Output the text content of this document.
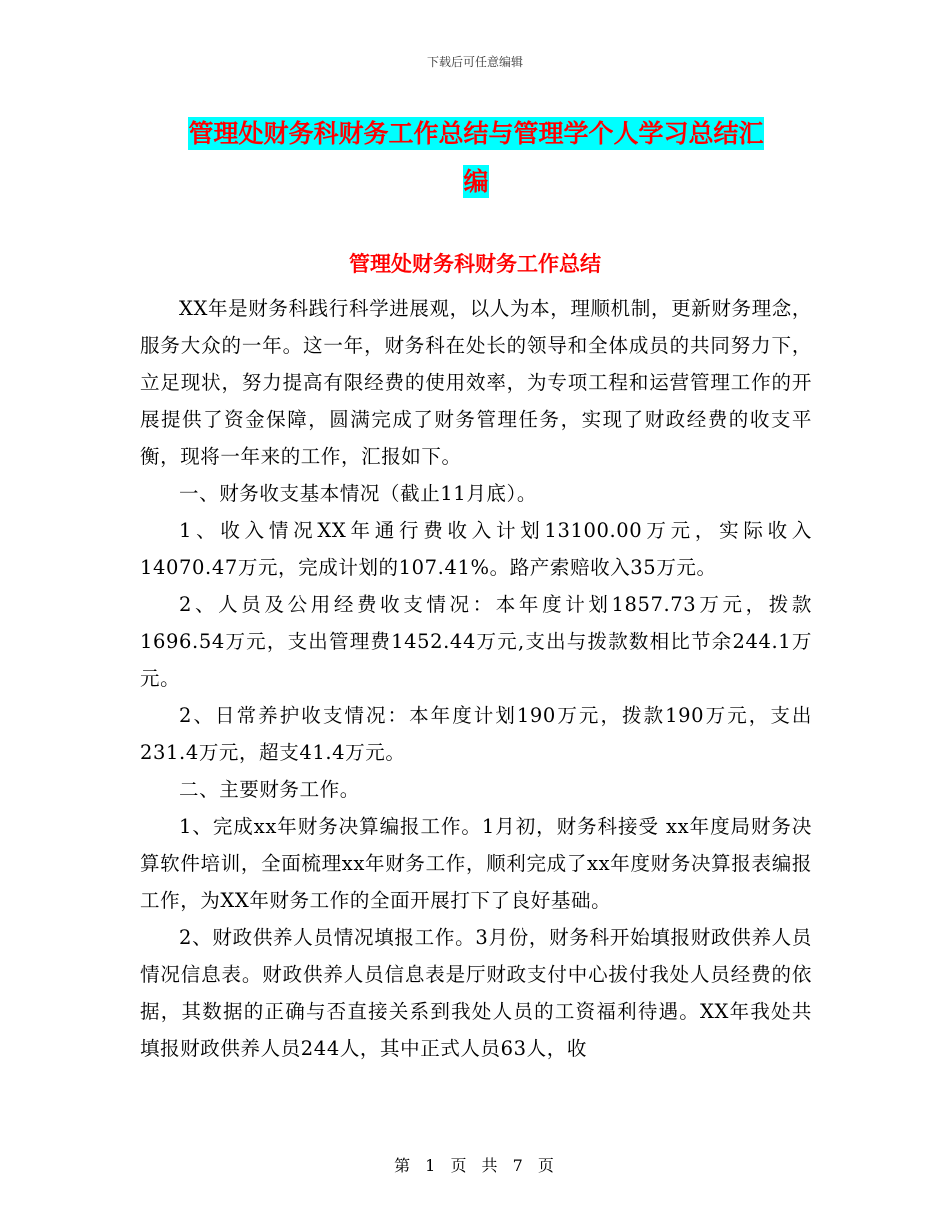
下载后可任意编辑
管理处财务科财务工作总结与管理学个人学习总结汇
编
管理处财务科财务工作总结

XX年是财务科践行科学进展观，以人为本，理顺机制，更新财务理念，服务大众的一年。这一年，财务科在处长的领导和全体成员的共同努力下，立足现状，努力提高有限经费的使用效率，为专项工程和运营管理工作的开展提供了资金保障，圆满完成了财务管理任务，实现了财政经费的收支平衡，现将一年来的工作，汇报如下。

一、财务收支基本情况（截止11月底）。

1、收入情况XX年通行费收入计划13100.00万元，实际收入14070.47万元，完成计划的107.41%。路产索赔收入35万元。

2、人员及公用经费收支情况：本年度计划1857.73万元，拨款1696.54万元，支出管理费1452.44万元,支出与拨款数相比节余244.1万元。

2、日常养护收支情况：本年度计划190万元，拨款190万元，支出231.4万元，超支41.4万元。

二、主要财务工作。

1、完成xx年财务决算编报工作。1月初，财务科接受 xx年度局财务决算软件培训，全面梳理xx年财务工作，顺利完成了xx年度财务决算报表编报工作，为XX年财务工作的全面开展打下了良好基础。

2、财政供养人员情况填报工作。3月份，财务科开始填报财政供养人员情况信息表。财政供养人员信息表是厅财政支付中心拔付我处人员经费的依据，其数据的正确与否直接关系到我处人员的工资福利待遇。XX年我处共填报财政供养人员244人，其中正式人员63人，收

第 1 页 共 7 页
